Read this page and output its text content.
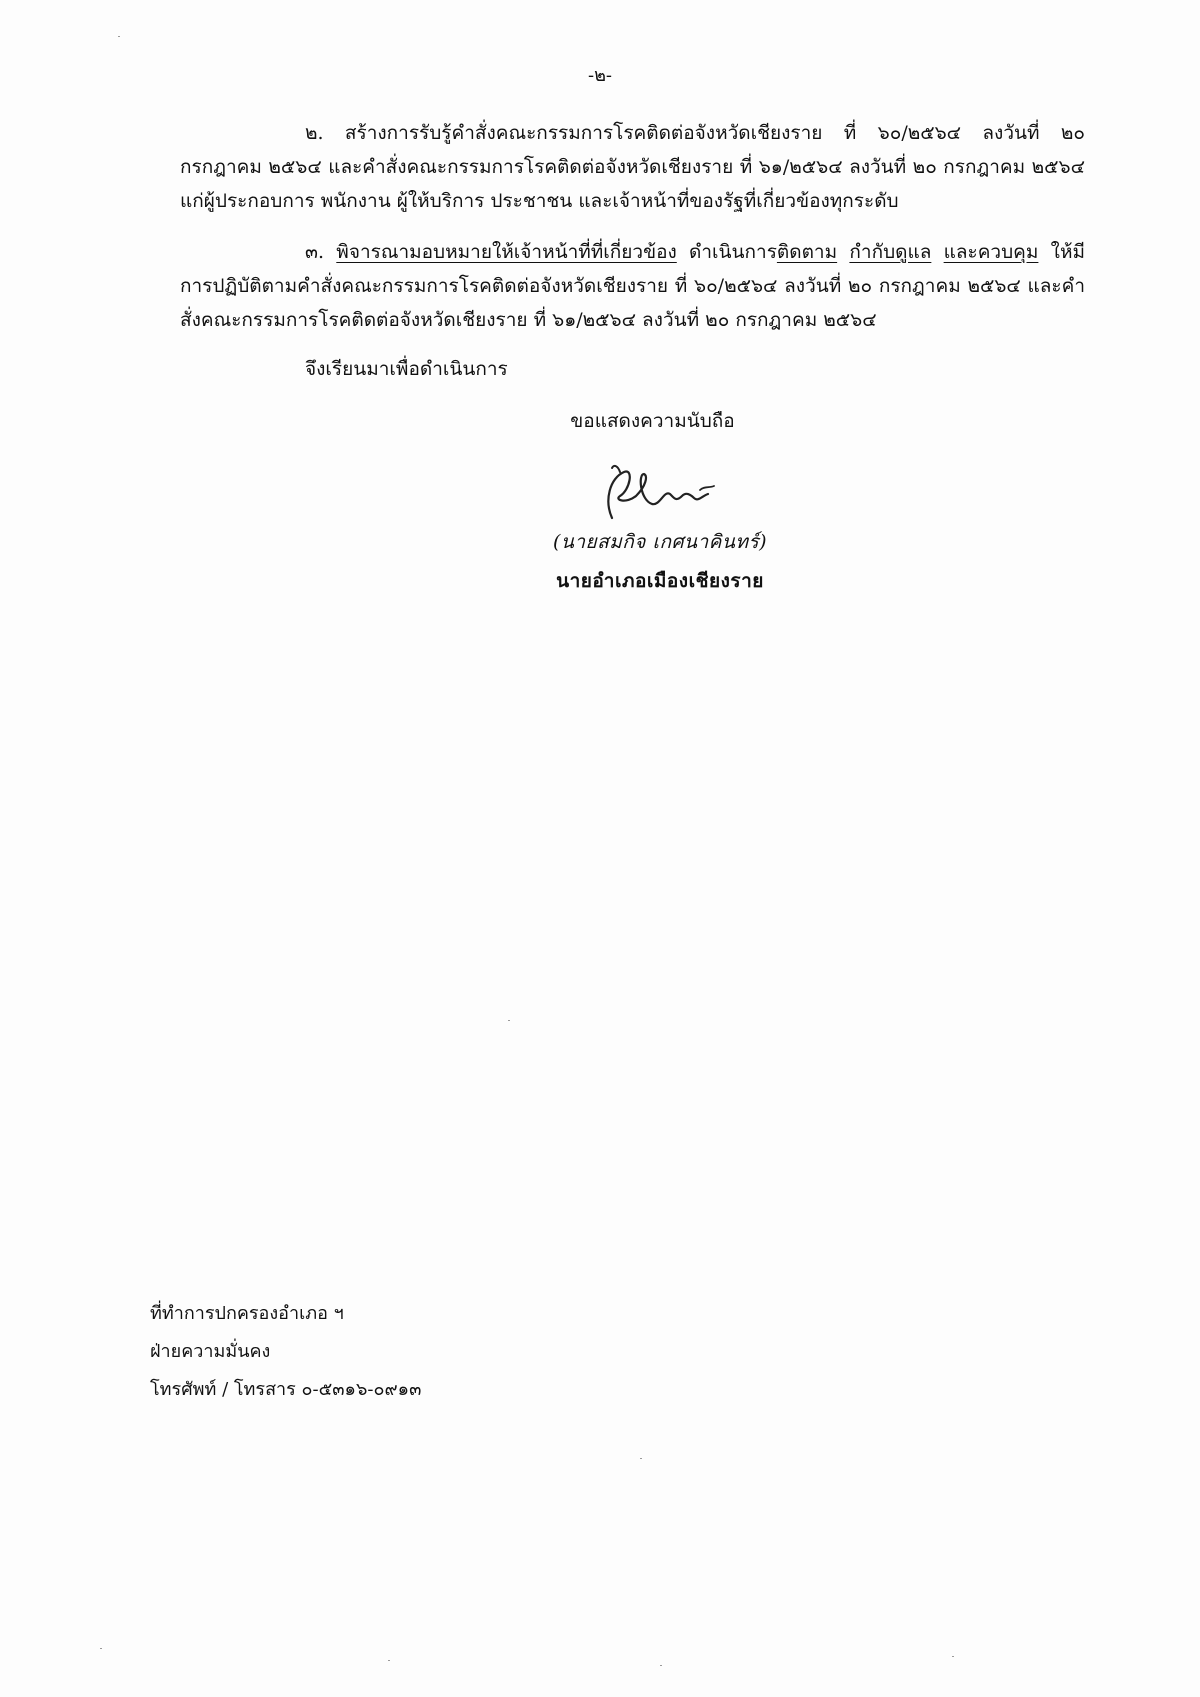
-๒-

๒. สร้างการรับรู้คำสั่งคณะกรรมการโรคติดต่อจังหวัดเชียงราย ที่ ๖๐/๒๕๖๔ ลงวันที่ ๒๐ กรกฎาคม ๒๕๖๔ และคำสั่งคณะกรรมการโรคติดต่อจังหวัดเชียงราย ที่ ๖๑/๒๕๖๔ ลงวันที่ ๒๐ กรกฎาคม ๒๕๖๔ แก่ผู้ประกอบการ พนักงาน ผู้ให้บริการ ประชาชน และเจ้าหน้าที่ของรัฐที่เกี่ยวข้องทุกระดับ

๓. พิจารณามอบหมายให้เจ้าหน้าที่ที่เกี่ยวข้อง ดำเนินการติดตาม กำกับดูแล และควบคุม ให้มีการปฏิบัติตามคำสั่งคณะกรรมการโรคติดต่อจังหวัดเชียงราย ที่ ๖๐/๒๕๖๔ ลงวันที่ ๒๐ กรกฎาคม ๒๕๖๔ และคำสั่งคณะกรรมการโรคติดต่อจังหวัดเชียงราย ที่ ๖๑/๒๕๖๔ ลงวันที่ ๒๐ กรกฎาคม ๒๕๖๔

จึงเรียนมาเพื่อดำเนินการ
ขอแสดงความนับถือ
(นายสมกิจ เกศนาคินทร์)
นายอำเภอเมืองเชียงราย
ที่ทำการปกครองอำเภอ ฯ
ฝ่ายความมั่นคง
โทรศัพท์ / โทรสาร ๐-๕๓๑๖-๐๙๑๓
